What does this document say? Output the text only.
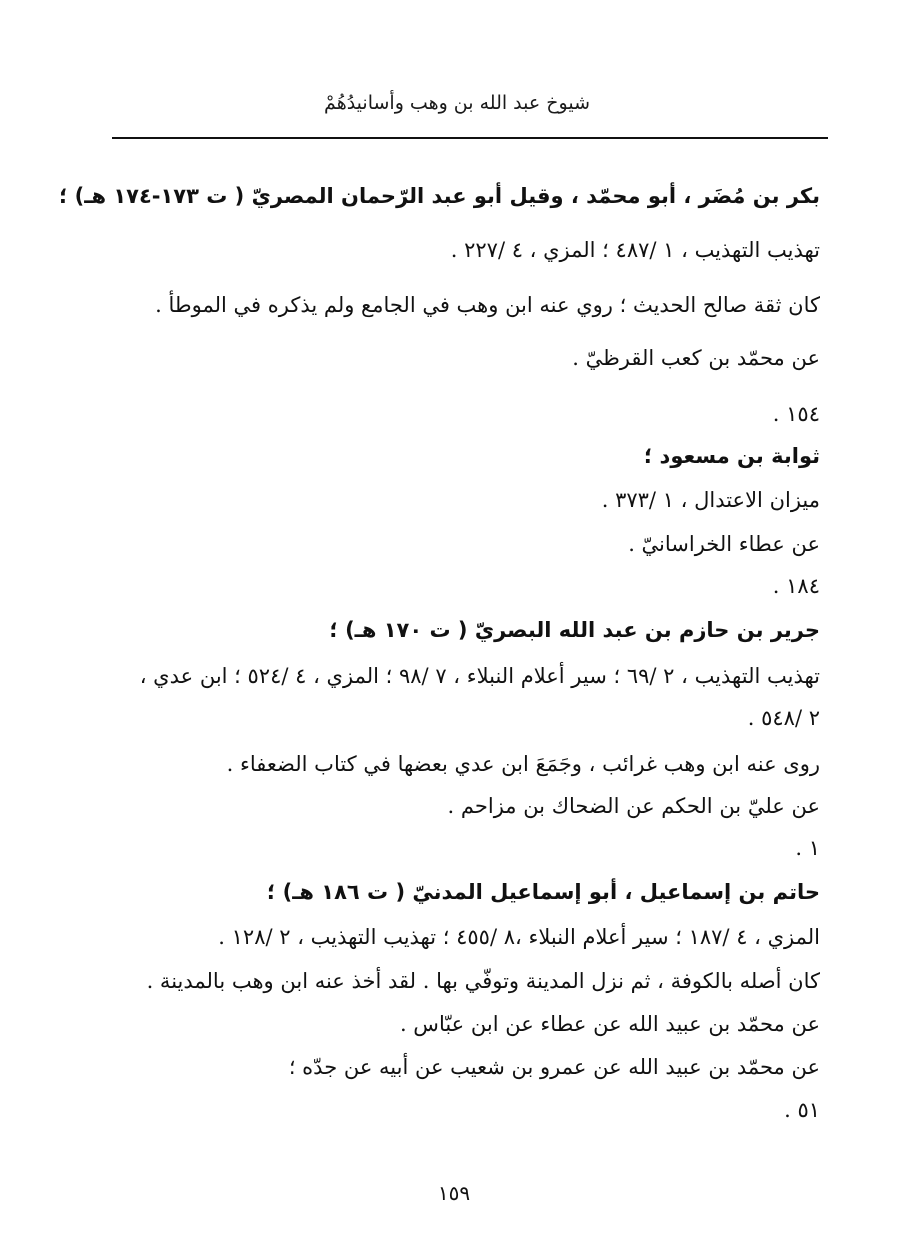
شيوخ عبد الله بن وهب وأسانيدُهُمْ
بكر بن مُضَر ، أبو محمّد ، وقيل أبو عبد الرّحمان المصريّ ( ت ١٧٣-١٧٤ هـ) ؛
تهذيب التهذيب ، ١ /٤٨٧ ؛ المزي ، ٤ /٢٢٧ .
كان ثقة صالح الحديث ؛ روي عنه ابن وهب في الجامع ولم يذكره في الموطأ .
عن محمّد بن كعب القرظيّ .
١٥٤ .
ثوابة بن مسعود ؛
ميزان الاعتدال ، ١ /٣٧٣ .
عن عطاء الخراسانيّ .
١٨٤ .
جرير بن حازم بن عبد الله البصريّ ( ت ١٧٠ هـ) ؛
تهذيب التهذيب ، ٢ /٦٩ ؛ سير أعلام النبلاء ، ٧ /٩٨ ؛ المزي ، ٤ /٥٢٤ ؛ ابن عدي ،
٢ /٥٤٨ .
روى عنه ابن وهب غرائب ، وجَمَعَ ابن عدي بعضها في كتاب الضعفاء .
عن عليّ بن الحكم عن الضحاك بن مزاحم .
١ .
حاتم بن إسماعيل ، أبو إسماعيل المدنيّ ( ت ١٨٦ هـ) ؛
المزي ، ٤ /١٨٧ ؛ سير أعلام النبلاء ،٨ /٤٥٥ ؛ تهذيب التهذيب ، ٢ /١٢٨ .
كان أصله بالكوفة ، ثم نزل المدينة وتوفّي بها . لقد أخذ عنه ابن وهب بالمدينة .
عن محمّد بن عبيد الله عن عطاء عن ابن عبّاس .
عن محمّد بن عبيد الله عن عمرو بن شعيب عن أبيه عن جدّه ؛
٥١ .
١٥٩
